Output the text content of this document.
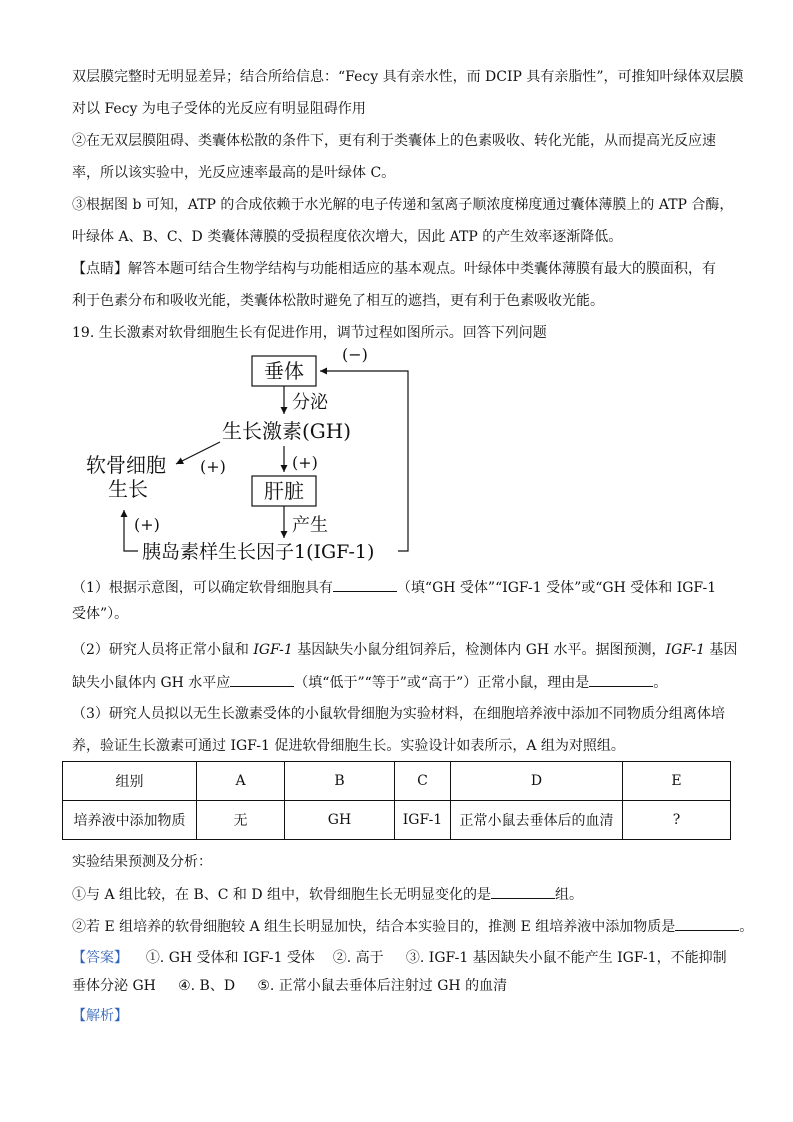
双层膜完整时无明显差异；结合所给信息：“Fecy 具有亲水性，而 DCIP 具有亲脂性”，可推知叶绿体双层膜
对以 Fecy 为电子受体的光反应有明显阻碍作用
②在无双层膜阻碍、类囊体松散的条件下，更有利于类囊体上的色素吸收、转化光能，从而提高光反应速
率，所以该实验中，光反应速率最高的是叶绿体 C。
③根据图 b 可知，ATP 的合成依赖于水光解的电子传递和氢离子顺浓度梯度通过囊体薄膜上的 ATP 合酶，
叶绿体 A、B、C、D 类囊体薄膜的受损程度依次增大，因此 ATP 的产生效率逐渐降低。
【点睛】解答本题可结合生物学结构与功能相适应的基本观点。叶绿体中类囊体薄膜有最大的膜面积，有
利于色素分布和吸收光能，类囊体松散时避免了相互的遮挡，更有利于色素吸收光能。
19. 生长激素对软骨细胞生长有促进作用，调节过程如图所示。回答下列问题
垂体
(−)
分泌
生长激素(GH)
(+)	(+)
肝脏
产生
软骨细胞
生长
胰岛素样生长因子1(IGF-1)
(+)
（1）根据示意图，可以确定软骨细胞具有	（填“GH 受体”“IGF-1 受体”或“GH 受体和 IGF-1
受体”）。
（2）研究人员将正常小鼠和 IGF-1 基因缺失小鼠分组饲养后，检测体内 GH 水平。据图预测，IGF-1 基因
缺失小鼠体内 GH 水平应	（填“低于”“等于”或“高于”）正常小鼠，理由是	。
（3）研究人员拟以无生长激素受体的小鼠软骨细胞为实验材料，在细胞培养液中添加不同物质分组离体培
养，验证生长激素可通过 IGF-1 促进软骨细胞生长。实验设计如表所示，A 组为对照组。
组别	A	B	C	D	E
培养液中添加物质	无	GH	IGF-1	正常小鼠去垂体后的血清	?
实验结果预测及分析：
①与 A 组比较，在 B、C 和 D 组中，软骨细胞生长无明显变化的是	组。
②若 E 组培养的软骨细胞较 A 组生长明显加快，结合本实验目的，推测 E 组培养液中添加物质是	。
【答案】 ①. GH 受体和 IGF-1 受体 ②. 高于 ③. IGF-1 基因缺失小鼠不能产生 IGF-1，不能抑制
垂体分泌 GH ④. B、D ⑤. 正常小鼠去垂体后注射过 GH 的血清
【解析】
